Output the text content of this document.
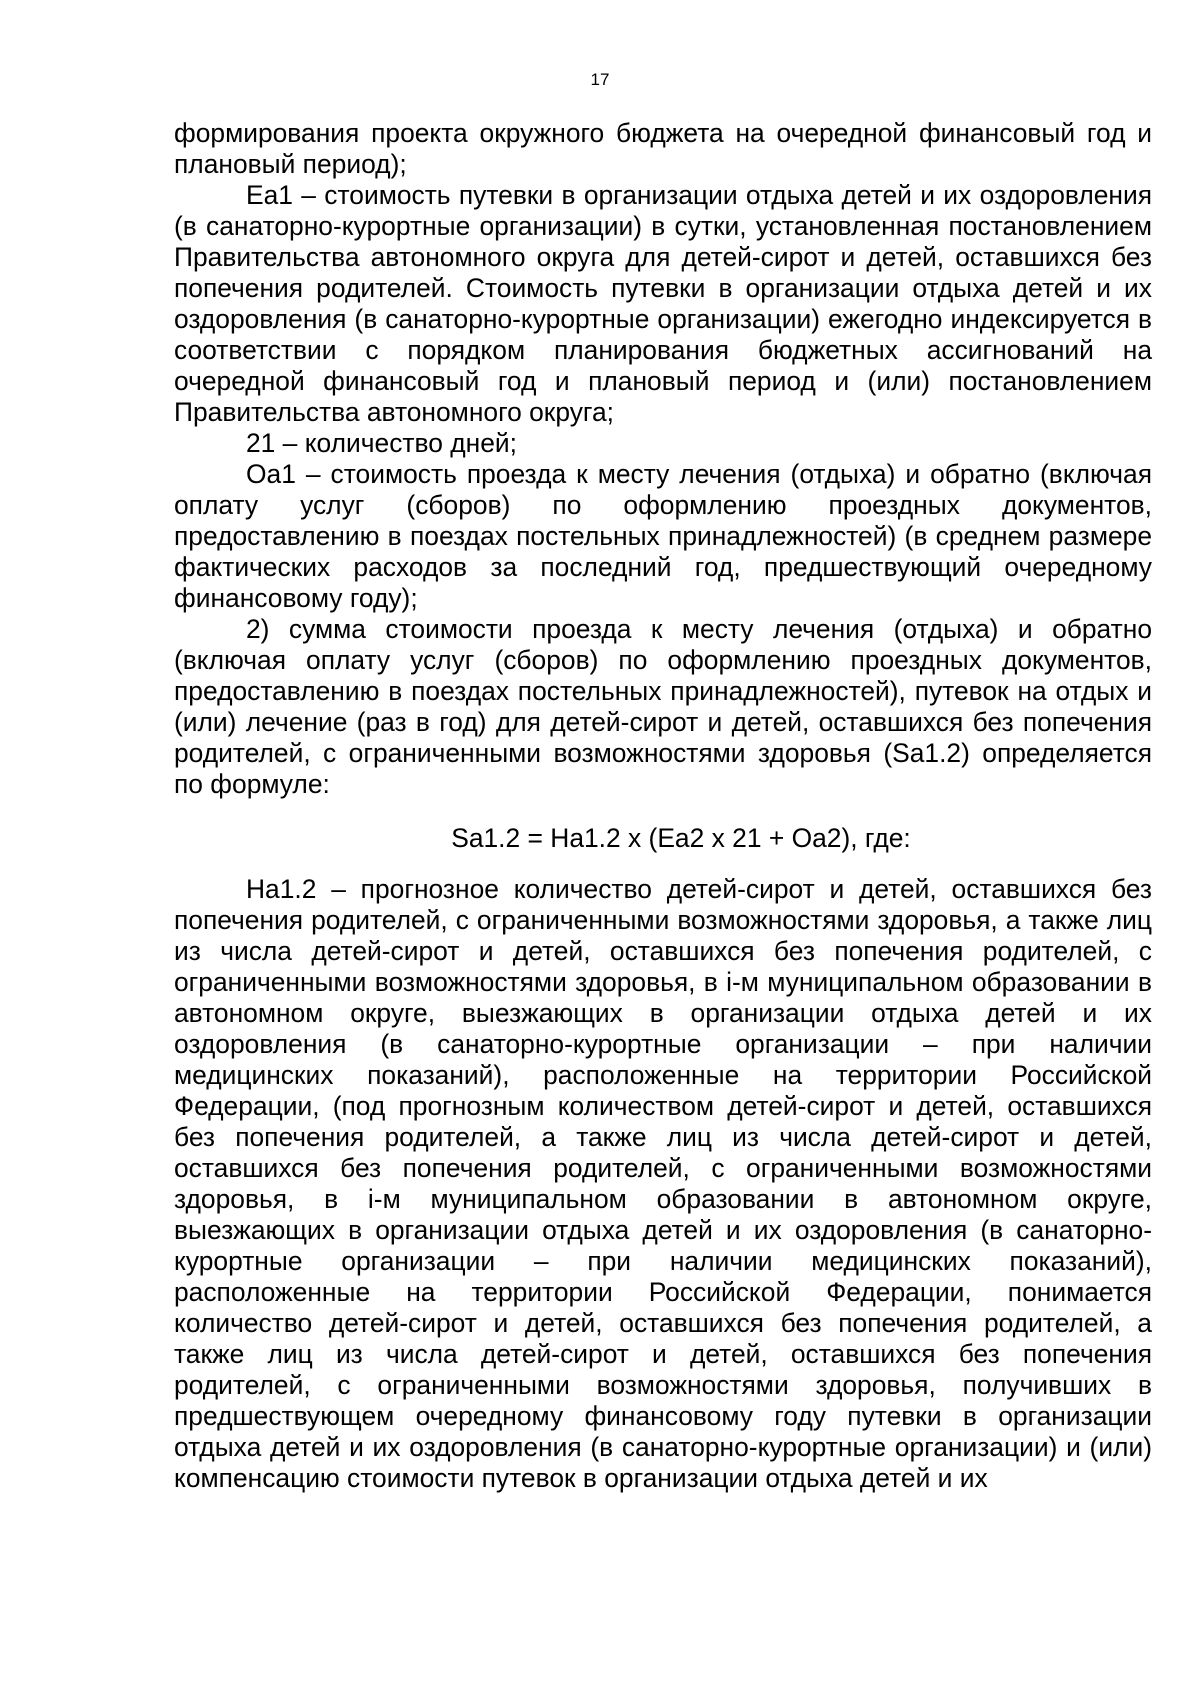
17

формирования проекта окружного бюджета на очередной финансовый год и плановый период);

Еа1 – стоимость путевки в организации отдыха детей и их оздоровления (в санаторно-курортные организации) в сутки, установленная постановлением Правительства автономного округа для детей-сирот и детей, оставшихся без попечения родителей. Стоимость путевки в организации отдыха детей и их оздоровления (в санаторно-курортные организации) ежегодно индексируется в соответствии с порядком планирования бюджетных ассигнований на очередной финансовый год и плановый период и (или) постановлением Правительства автономного округа;

21 – количество дней;

Оа1 – стоимость проезда к месту лечения (отдыха) и обратно (включая оплату услуг (сборов) по оформлению проездных документов, предоставлению в поездах постельных принадлежностей) (в среднем размере фактических расходов за последний год, предшествующий очередному финансовому году);

2) сумма стоимости проезда к месту лечения (отдыха) и обратно (включая оплату услуг (сборов) по оформлению проездных документов, предоставлению в поездах постельных принадлежностей), путевок на отдых и (или) лечение (раз в год) для детей-сирот и детей, оставшихся без попечения родителей, с ограниченными возможностями здоровья (Sа1.2) определяется по формуле:

Sа1.2 = На1.2 x (Еа2 x 21 + Оа2), где:

На1.2 – прогнозное количество детей-сирот и детей, оставшихся без попечения родителей, с ограниченными возможностями здоровья, а также лиц из числа детей-сирот и детей, оставшихся без попечения родителей, с ограниченными возможностями здоровья, в i-м муниципальном образовании в автономном округе, выезжающих в организации отдыха детей и их оздоровления (в санаторно-курортные организации – при наличии медицинских показаний), расположенные на территории Российской Федерации, (под прогнозным количеством детей-сирот и детей, оставшихся без попечения родителей, а также лиц из числа детей-сирот и детей, оставшихся без попечения родителей, с ограниченными возможностями здоровья, в i-м муниципальном образовании в автономном округе, выезжающих в организации отдыха детей и их оздоровления (в санаторно-курортные организации – при наличии медицинских показаний), расположенные на территории Российской Федерации, понимается количество детей-сирот и детей, оставшихся без попечения родителей, а также лиц из числа детей-сирот и детей, оставшихся без попечения родителей, с ограниченными возможностями здоровья, получивших в предшествующем очередному финансовому году путевки в организации отдыха детей и их оздоровления (в санаторно-курортные организации) и (или) компенсацию стоимости путевок в организации отдыха детей и их
